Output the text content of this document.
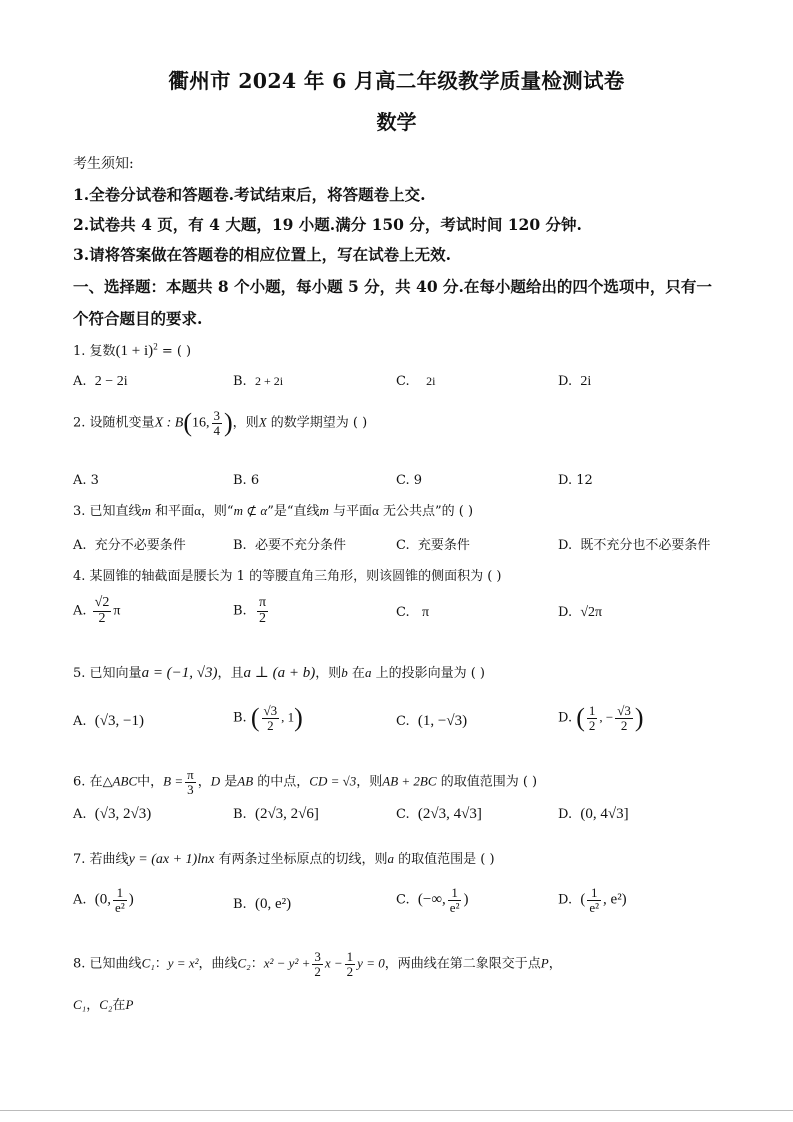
衢州市 2024 年 6 月高二年级教学质量检测试卷
数学
考生须知:
1.全卷分试卷和答题卷.考试结束后，将答题卷上交.
2.试卷共 4 页，有 4 大题，19 小题.满分 150 分，考试时间 120 分钟.
3.请将答案做在答题卷的相应位置上，写在试卷上无效.
一、选择题：本题共 8 个小题，每小题 5 分，共 40 分.在每小题给出的四个选项中，只有一
个符合题目的要求.
1. 复数$(1 + i)^2$ = ( )
A. 2 − 2i	B. 2 + 2i	C. 2i	D. 2i
2. 设随机变量X : B(16, $\frac{3}{4}$ )，则X 的数学期望为 ( )
A. 3	B. 6	C. 9	D. 12
3. 已知直线m 和平面α，则“m ⊄ α”是“直线m 与平面α 无公共点”的 ( )
A. 充分不必要条件	B. 必要不充分条件	C. 充要条件	D. 既不充分也不必要条件
4. 某圆锥的轴截面是腰长为 1 的等腰直角三角形，则该圆锥的侧面积为 ( )
A. $\frac{√2}{2}$ π	B. $\frac{\pi}{2}$	C. π	D. √2π
5. 已知向量a = (−1, √3)，且a ⊥ (a + b)，则b 在a 上的投影向量为 ( )
A. (√3, −1)	B. ( $\frac{√3}{2}$ , 1)	C. (1, −√3)	D. ( $\frac{1}{2}$ , − $\frac{√3}{2}$ )
6. 在△ABC中，$B = \frac{\pi}{3}$ ，D 是AB 的中点，CD = √3，则AB + 2BC 的取值范围为 ( )
A. (√3, 2√3)	B. (2√3, 2√6]	C. (2√3, 4√3]	D. (0, 4√3]
7. 若曲线y = (ax + 1)lnx 有两条过坐标原点的切线，则a 的取值范围是 ( )
A. (0, $\frac{1}{\text{e²}}$ )	B. (0, e²)	C. (−∞, $\frac{1}{\text{e²}}$ )	D. ( $\frac{1}{\text{e²}}$ , e²)
8. 已知曲线C₁：y = x²，曲线C₂：$x^2 - y^2 + \frac{3}{2}$ $x - \frac{1}{2}$ y = 0，两曲线在第二象限交于点P，
C₁，C₂在P
